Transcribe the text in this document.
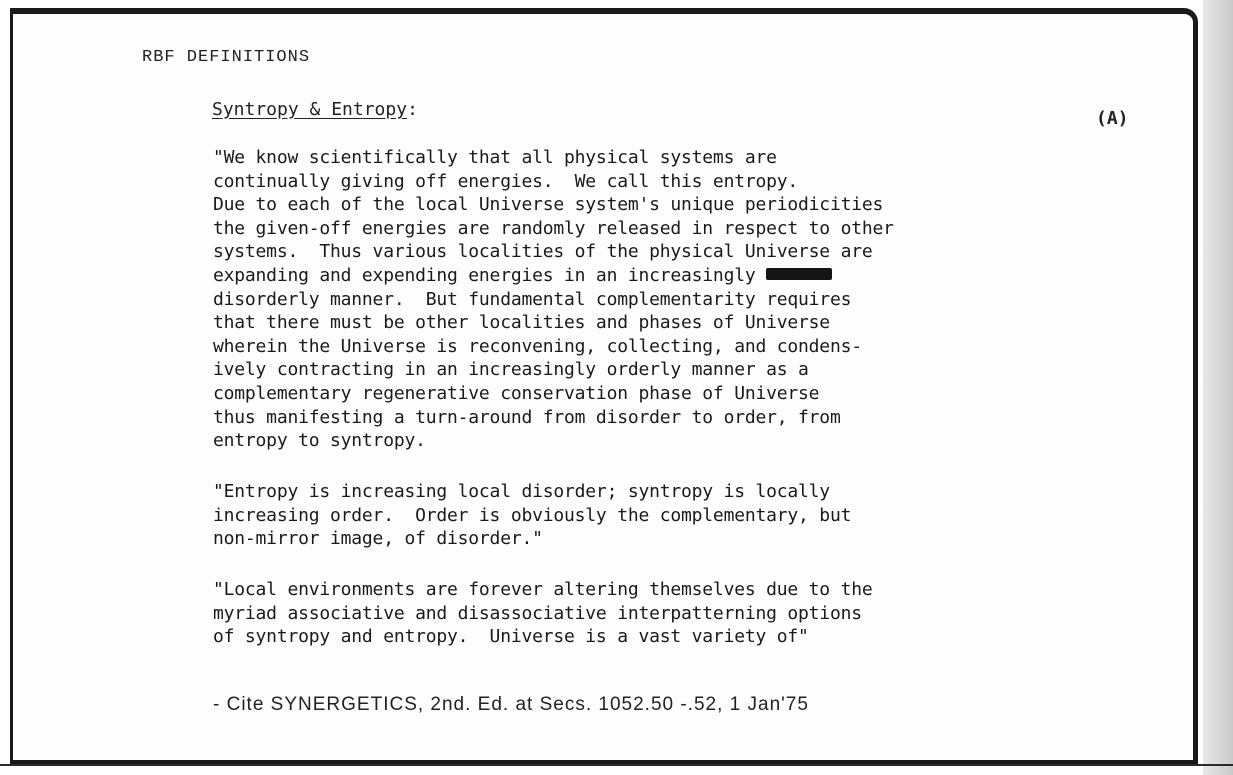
RBF DEFINITIONS
Syntropy & Entropy:	(A)
"We know scientifically that all physical systems are
continually giving off energies.  We call this entropy.
Due to each of the local Universe system's unique periodicities
the given-off energies are randomly released in respect to other
systems.  Thus various localities of the physical Universe are
expanding and expending energies in an increasingly
disorderly manner.  But fundamental complementarity requires
that there must be other localities and phases of Universe
wherein the Universe is reconvening, collecting, and condens-
ively contracting in an increasingly orderly manner as a
complementary regenerative conservation phase of Universe
thus manifesting a turn-around from disorder to order, from
entropy to syntropy.
"Entropy is increasing local disorder; syntropy is locally
increasing order.  Order is obviously the complementary, but
non-mirror image, of disorder."
"Local environments are forever altering themselves due to the
myriad associative and disassociative interpatterning options
of syntropy and entropy.  Universe is a vast variety of"
- Cite SYNERGETICS, 2nd. Ed. at Secs. 1052.50 -.52, 1 Jan'75
